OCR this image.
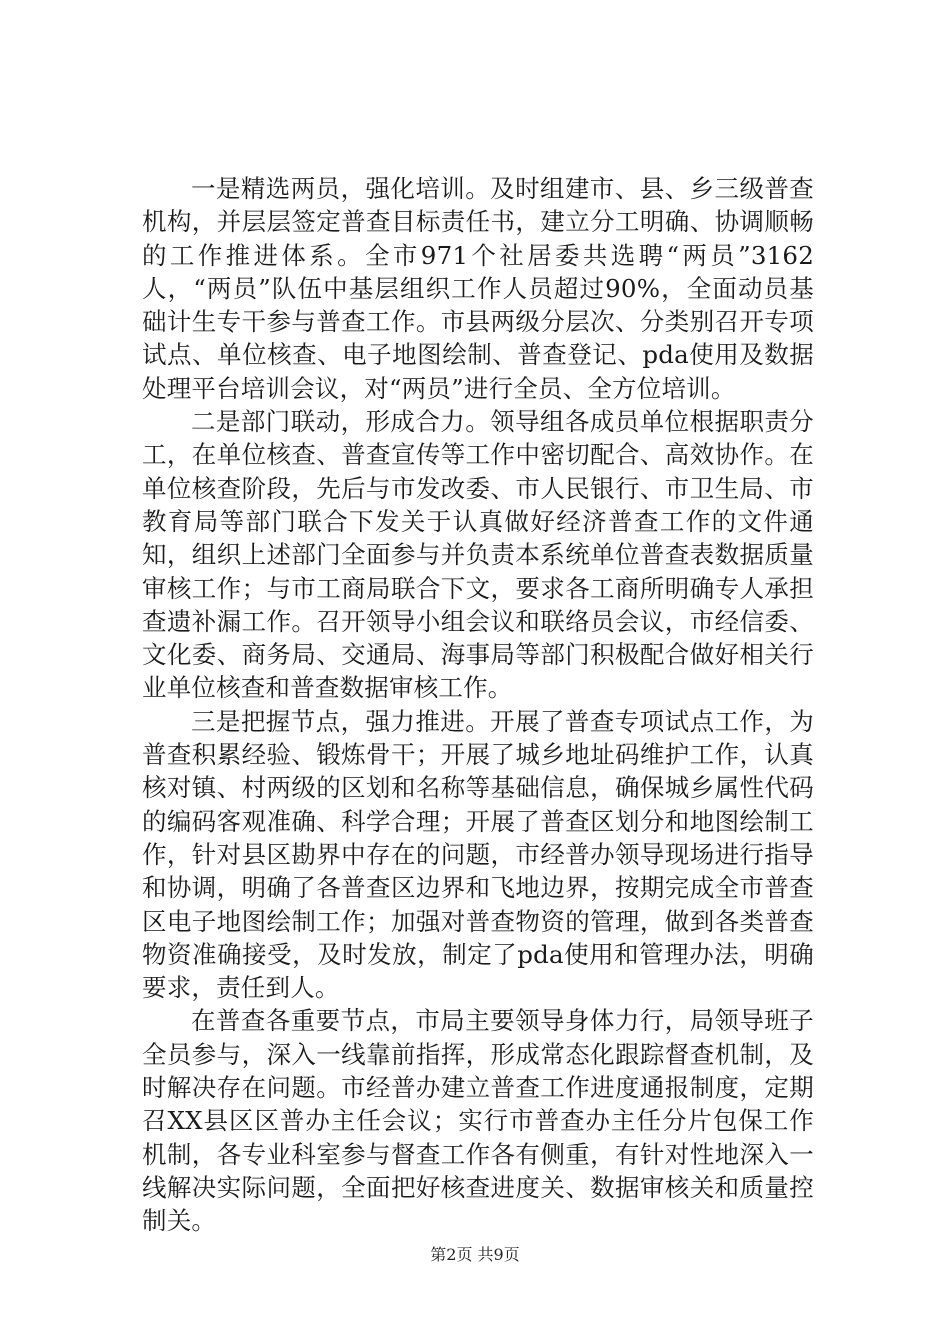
一是精选两员，强化培训。及时组建市、县、乡三级普查机构，并层层签定普查目标责任书，建立分工明确、协调顺畅的工作推进体系。全市971个社居委共选聘“两员”3162人，“两员”队伍中基层组织工作人员超过90%，全面动员基础计生专干参与普查工作。市县两级分层次、分类别召开专项试点、单位核查、电子地图绘制、普查登记、pda使用及数据处理平台培训会议，对“两员”进行全员、全方位培训。

二是部门联动，形成合力。领导组各成员单位根据职责分工，在单位核查、普查宣传等工作中密切配合、高效协作。在单位核查阶段，先后与市发改委、市人民银行、市卫生局、市教育局等部门联合下发关于认真做好经济普查工作的文件通知，组织上述部门全面参与并负责本系统单位普查表数据质量审核工作；与市工商局联合下文，要求各工商所明确专人承担查遗补漏工作。召开领导小组会议和联络员会议，市经信委、文化委、商务局、交通局、海事局等部门积极配合做好相关行业单位核查和普查数据审核工作。

三是把握节点，强力推进。开展了普查专项试点工作，为普查积累经验、锻炼骨干；开展了城乡地址码维护工作，认真核对镇、村两级的区划和名称等基础信息，确保城乡属性代码的编码客观准确、科学合理；开展了普查区划分和地图绘制工作，针对县区勘界中存在的问题，市经普办领导现场进行指导和协调，明确了各普查区边界和飞地边界，按期完成全市普查区电子地图绘制工作；加强对普查物资的管理，做到各类普查物资准确接受，及时发放，制定了pda使用和管理办法，明确要求，责任到人。

在普查各重要节点，市局主要领导身体力行，局领导班子全员参与，深入一线靠前指挥，形成常态化跟踪督查机制，及时解决存在问题。市经普办建立普查工作进度通报制度，定期召XX县区区普办主任会议；实行市普查办主任分片包保工作机制，各专业科室参与督查工作各有侧重，有针对性地深入一线解决实际问题，全面把好核查进度关、数据审核关和质量控制关。

第2页 共9页
